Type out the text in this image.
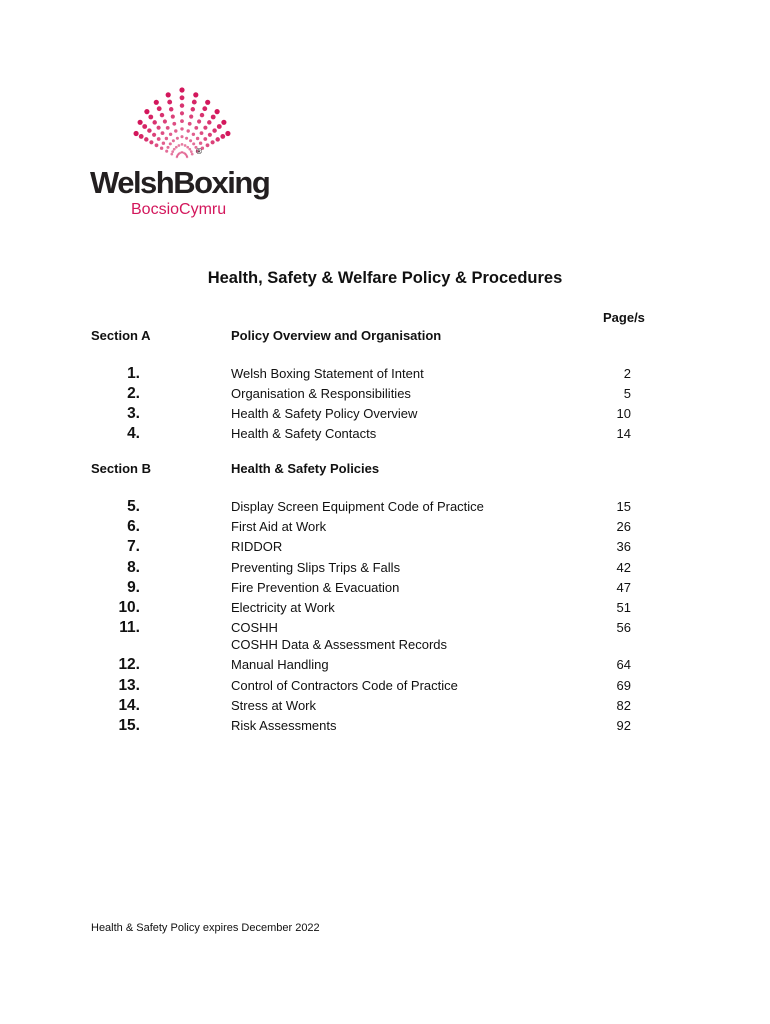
®
WelshBoxing
BocsioCymru
Health, Safety & Welfare Policy & Procedures
Page/s
Section A	Policy Overview and Organisation
1.	Welsh Boxing Statement of Intent	2
2.	Organisation & Responsibilities	5
3.	Health & Safety Policy Overview	10
4.	Health & Safety Contacts	14
Section B	Health & Safety Policies
5.	Display Screen Equipment Code of Practice	15
6.	First Aid at Work	26
7.	RIDDOR	36
8.	Preventing Slips Trips & Falls	42
9.	Fire Prevention & Evacuation	47
10.	Electricity at Work	51
11.	COSHH	56
COSHH Data & Assessment Records
12.	Manual Handling	64
13.	Control of Contractors Code of Practice	69
14.	Stress at Work	82
15.	Risk Assessments	92
Health & Safety Policy expires December 2022
